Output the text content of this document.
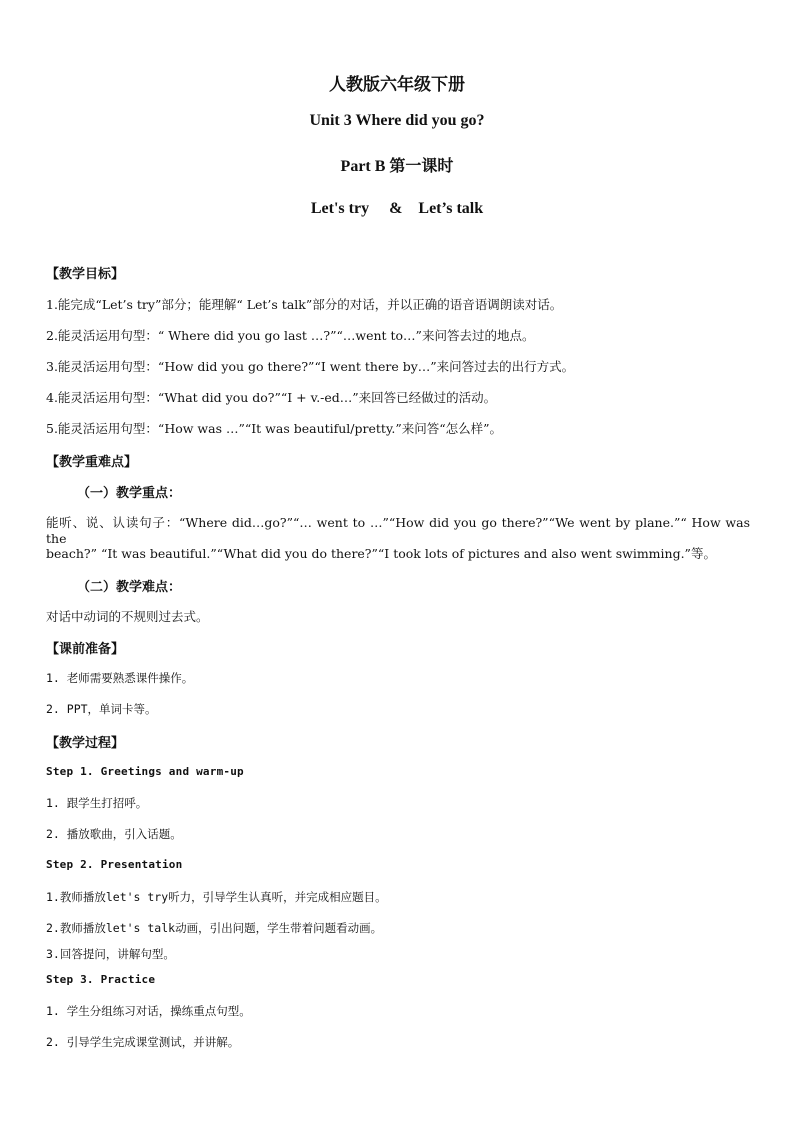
人教版六年级下册
Unit 3 Where did you go?
Part B 第一课时
Let's try　 &　Let’s talk
【教学目标】
1.能完成“Let’s try”部分；能理解“ Let’s talk”部分的对话，并以正确的语音语调朗读对话。
2.能灵活运用句型：“ Where did you go last …?”“…went to…”来问答去过的地点。
3.能灵活运用句型：“How did you go there?”“I went there by…”来问答过去的出行方式。
4.能灵活运用句型：“What did you do?”“I + v.-ed…”来回答已经做过的活动。
5.能灵活运用句型：“How was …”“It was beautiful/pretty.”来问答“怎么样”。
【教学重难点】
（一）教学重点：
能听、说、认读句子：“Where did…go?”“… went to …”“How did you go there?”“We went by plane.”“ How was the
beach?” “It was beautiful.”“What did you do there?”“I took lots of pictures and also went swimming.”等。
（二）教学难点：
对话中动词的不规则过去式。
【课前准备】
1. 老师需要熟悉课件操作。
2. PPT，单词卡等。
【教学过程】
Step 1. Greetings and warm-up
1. 跟学生打招呼。
2. 播放歌曲，引入话题。
Step 2. Presentation
1.教师播放let's try听力，引导学生认真听，并完成相应题目。
2.教师播放let's talk动画，引出问题，学生带着问题看动画。
3.回答提问，讲解句型。
Step 3. Practice
1. 学生分组练习对话，操练重点句型。
2. 引导学生完成课堂测试，并讲解。
